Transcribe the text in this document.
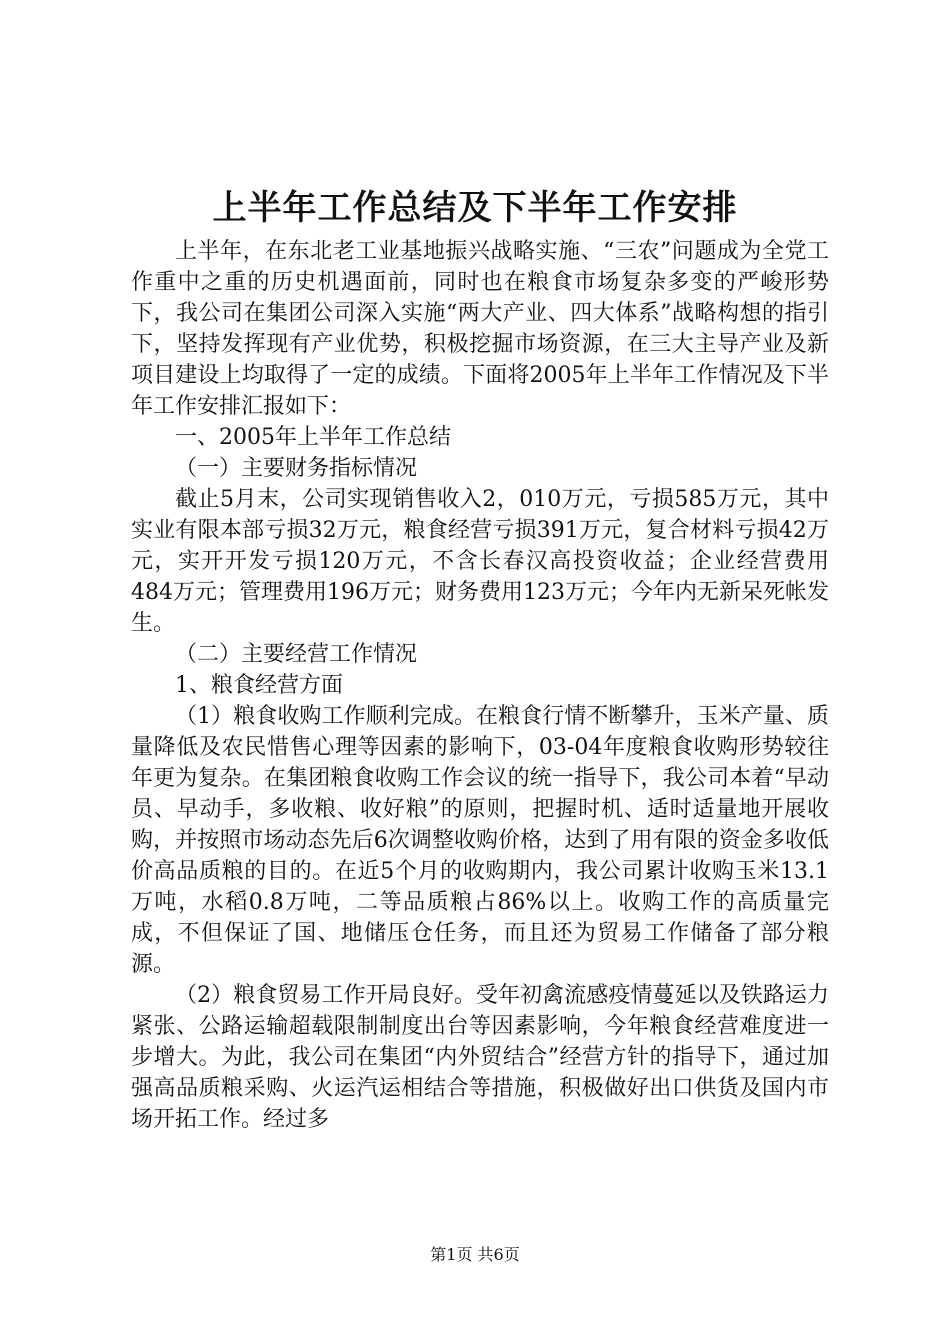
上半年工作总结及下半年工作安排

上半年，在东北老工业基地振兴战略实施、“三农”问题成为全党工作重中之重的历史机遇面前，同时也在粮食市场复杂多变的严峻形势下，我公司在集团公司深入实施“两大产业、四大体系”战略构想的指引下，坚持发挥现有产业优势，积极挖掘市场资源，在三大主导产业及新项目建设上均取得了一定的成绩。下面将2005年上半年工作情况及下半年工作安排汇报如下：

一、2005年上半年工作总结

（一）主要财务指标情况

截止5月末，公司实现销售收入2，010万元，亏损585万元，其中实业有限本部亏损32万元，粮食经营亏损391万元，复合材料亏损42万元，实开开发亏损120万元，不含长春汉高投资收益；企业经营费用484万元；管理费用196万元；财务费用123万元；今年内无新呆死帐发生。

（二）主要经营工作情况

1、粮食经营方面

（1）粮食收购工作顺利完成。在粮食行情不断攀升，玉米产量、质量降低及农民惜售心理等因素的影响下，03-04年度粮食收购形势较往年更为复杂。在集团粮食收购工作会议的统一指导下，我公司本着“早动员、早动手，多收粮、收好粮”的原则，把握时机、适时适量地开展收购，并按照市场动态先后6次调整收购价格，达到了用有限的资金多收低价高品质粮的目的。在近5个月的收购期内，我公司累计收购玉米13.1万吨，水稻0.8万吨，二等品质粮占86%以上。收购工作的高质量完成，不但保证了国、地储压仓任务，而且还为贸易工作储备了部分粮源。

（2）粮食贸易工作开局良好。受年初禽流感疫情蔓延以及铁路运力紧张、公路运输超载限制制度出台等因素影响，今年粮食经营难度进一步增大。为此，我公司在集团“内外贸结合”经营方针的指导下，通过加强高品质粮采购、火运汽运相结合等措施，积极做好出口供货及国内市场开拓工作。经过多

第1页 共6页
